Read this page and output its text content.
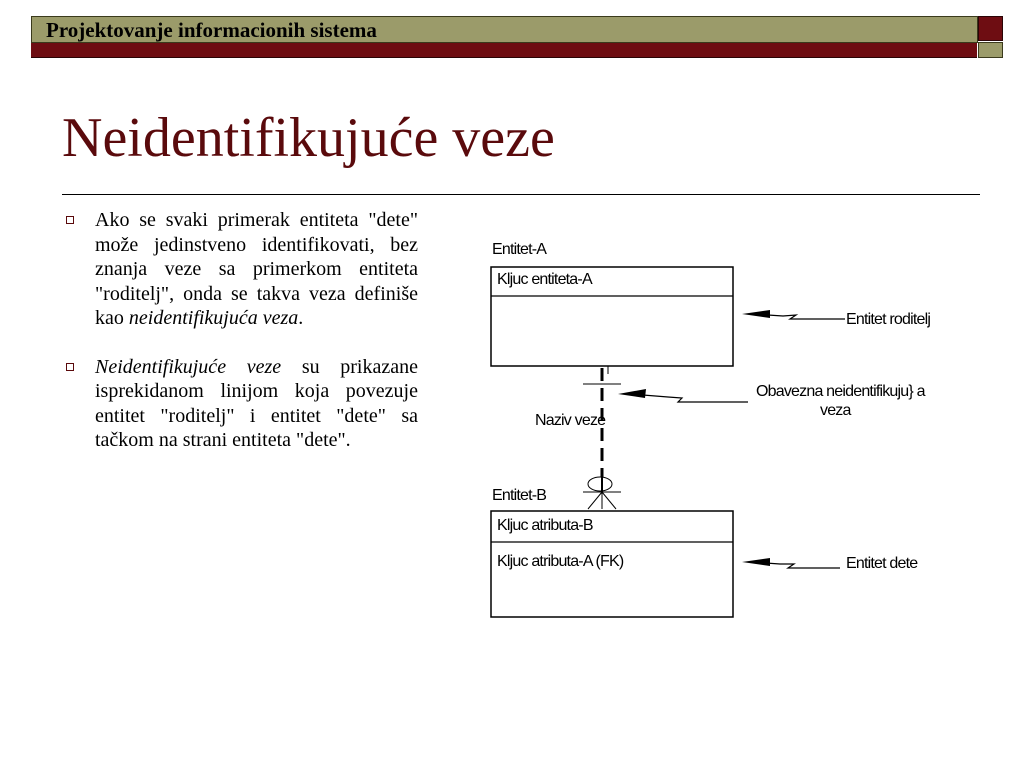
Projektovanje informacionih sistema
Neidentifikujuće veze

Ako se svaki primerak entiteta "dete" može jedinstveno identifikovati, bez znanja veze sa primerkom entiteta "roditelj", onda se takva veza definiše kao neidentifikujuća veza.

Neidentifikujuće veze su prikazane isprekidanom linijom koja povezuje entitet "roditelj" i entitet "dete" sa tačkom na strani entiteta "dete".

Entitet-A
Kljuc entiteta-A
Naziv veze
Entitet-B
Kljuc atributa-B
Kljuc atributa-A (FK)
Entitet roditelj
Obavezna neidentifikuju} a
veza
Entitet dete
